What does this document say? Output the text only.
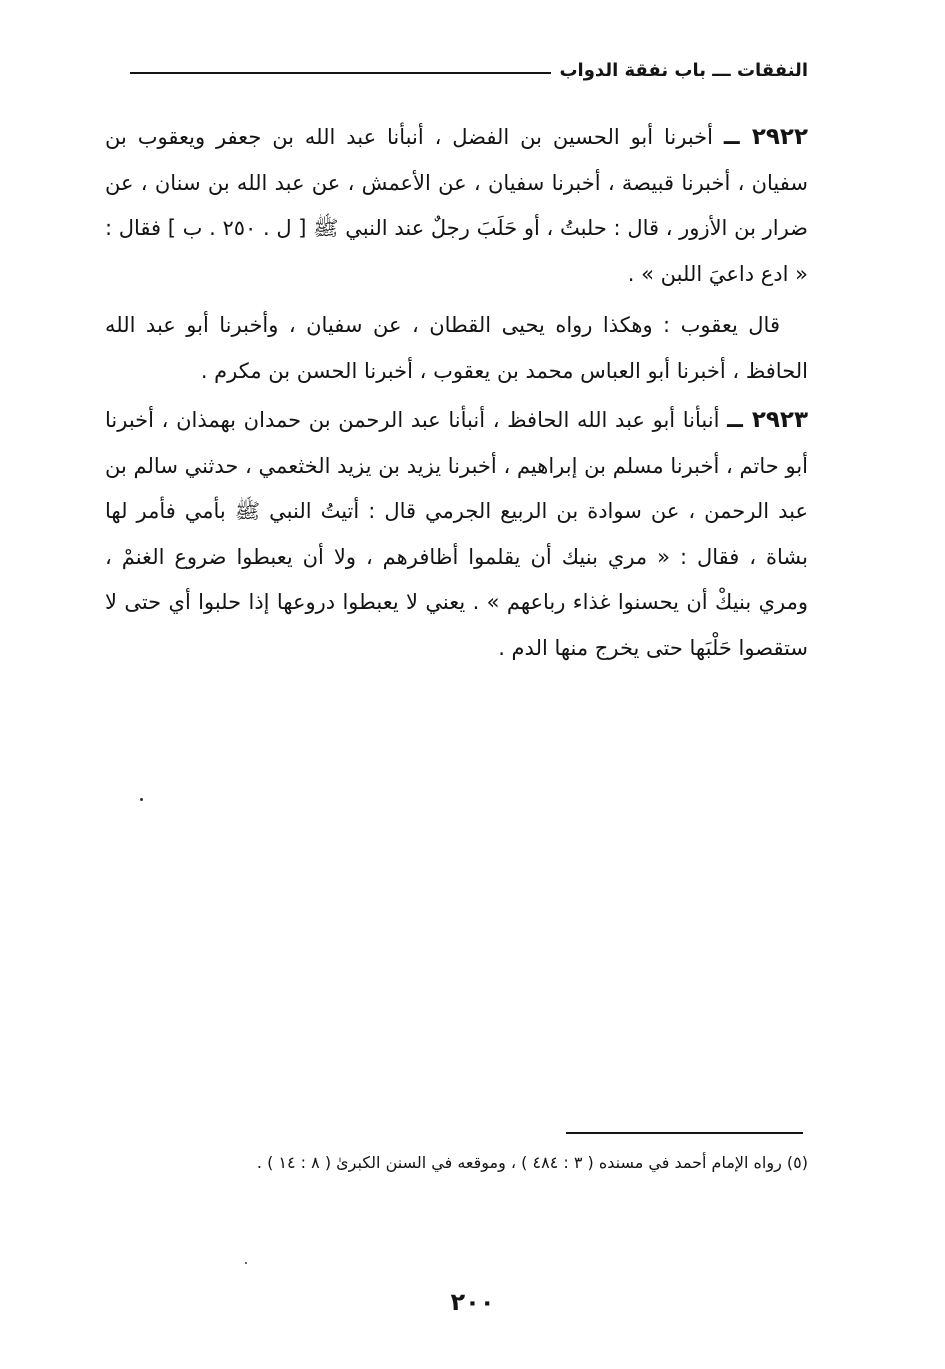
النفقات ـــ باب نفقة الدواب

٢٩٢٢ ــ أخبرنا أبو الحسين بن الفضل ، أنبأنا عبد الله بن جعفر ويعقوب بن سفيان ، أخبرنا قبيصة ، أخبرنا سفيان ، عن الأعمش ، عن عبد الله بن سنان ، عن ضرار بن الأزور ، قال : حلبتُ ، أو حَلَبَ رجلٌ عند النبي ﷺ [ ل . ٢٥٠ . ب ] فقال : « ادع داعيَ اللبن » .

قال يعقوب : وهكذا رواه يحيى القطان ، عن سفيان ، وأخبرنا أبو عبد الله الحافظ ، أخبرنا أبو العباس محمد بن يعقوب ، أخبرنا الحسن بن مكرم .

٢٩٢٣ ــ أنبأنا أبو عبد الله الحافظ ، أنبأنا عبد الرحمن بن حمدان بهمذان ، أخبرنا أبو حاتم ، أخبرنا مسلم بن إبراهيم ، أخبرنا يزيد بن يزيد الخثعمي ، حدثني سالم بن عبد الرحمن ، عن سوادة بن الربيع الجرمي قال : أتيتُ النبي ﷺ بأمي فأمر لها بشاة ، فقال : « مري بنيك أن يقلموا أظافرهم ، ولا أن يعبطوا ضروع الغنمْ ، ومري بنيكْ أن يحسنوا غذاء رباعهم » . يعني لا يعبطوا دروعها إذا حلبوا أي حتى لا ستقصوا حَلْبَها حتى يخرج منها الدم .

(٥) رواه الإمام أحمد في مسنده ( ٣ : ٤٨٤ ) ، وموقعه في السنن الكبرىٰ ( ٨ : ١٤ ) .
٢٠٠
